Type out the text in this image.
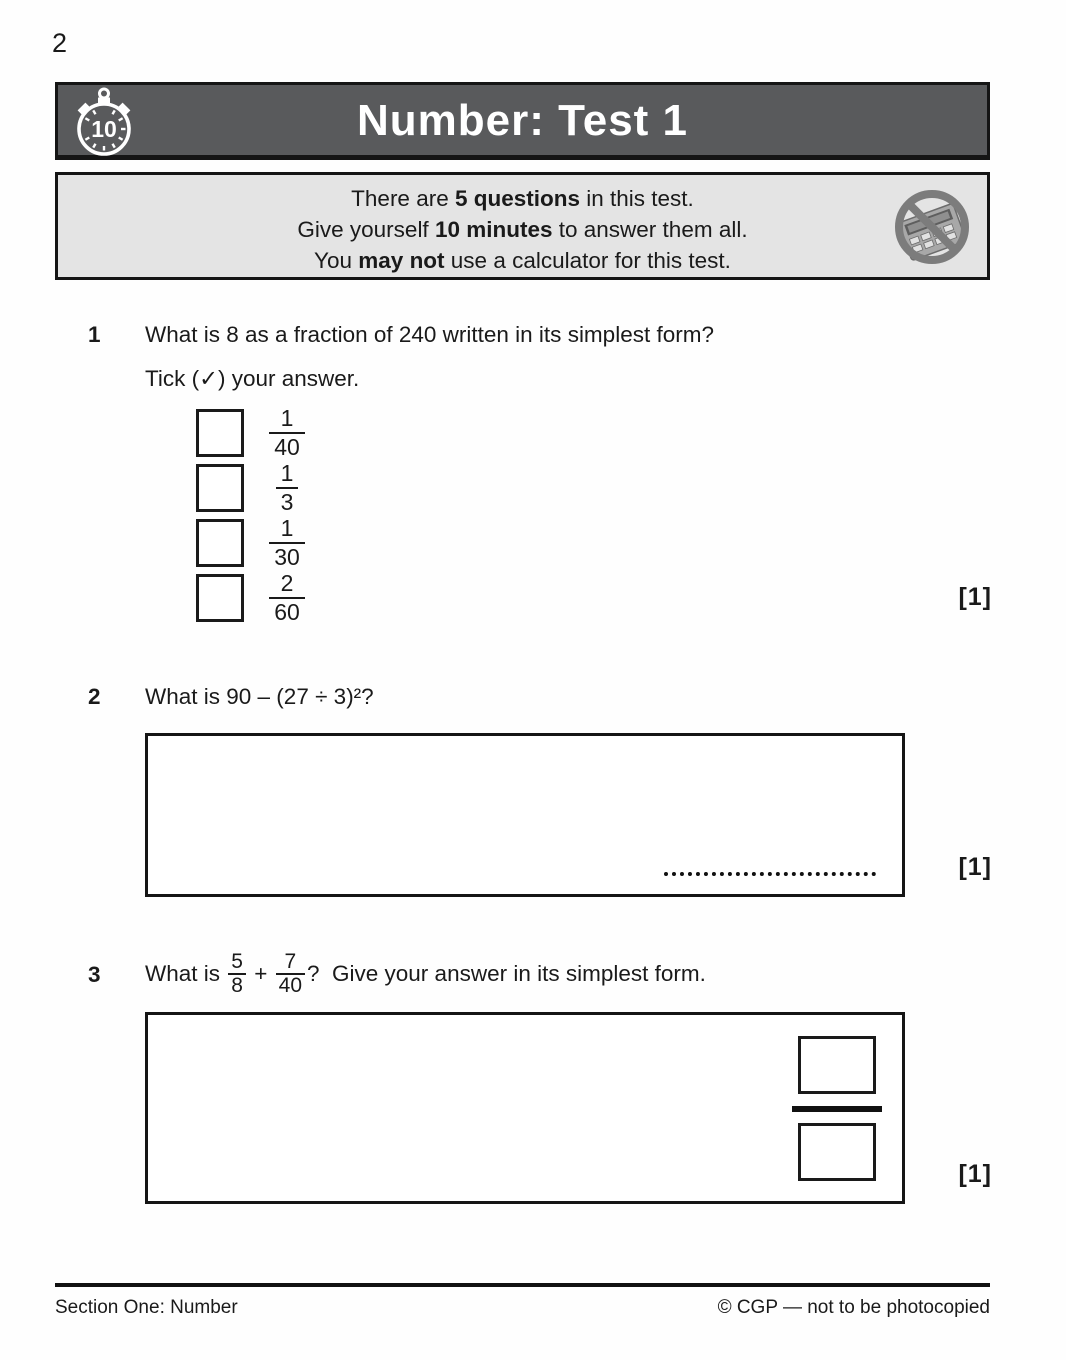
2
10	Number: Test 1
There are 5 questions in this test.
Give yourself 10 minutes to answer them all.
You may not use a calculator for this test.
1 What is 8 as a fraction of 240 written in its simplest form?
Tick (✓) your answer.
$\frac{1}{40}$
$\frac{1}{3}$
$\frac{1}{30}$
$\frac{2}{60}$	[1]
2 What is 90 – (27 ÷ 3)²?
[1]
3 What is $\frac{5}{8} + \frac{7}{40}$ ?  Give your answer in its simplest form.
[1]
Section One: Number	© CGP — not to be photocopied
